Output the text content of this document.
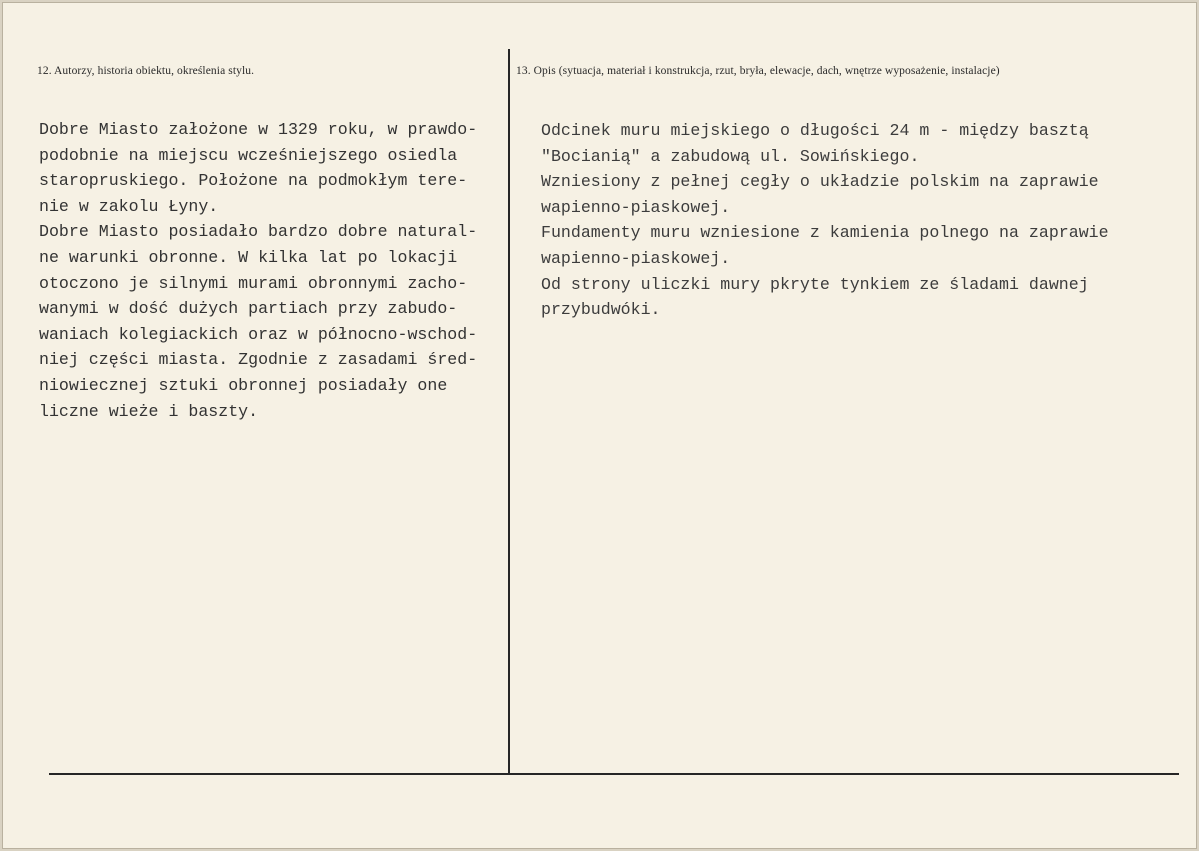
12. Autorzy, historia obiektu, określenia stylu.	13. Opis (sytuacja, materiał i konstrukcja, rzut, bryła, elewacje, dach, wnętrze wyposażenie, instalacje)
Dobre Miasto założone w 1329 roku, w prawdo-
podobnie na miejscu wcześniejszego osiedla
staropruskiego. Położone na podmokłym tere-
nie w zakolu Łyny.
Dobre Miasto posiadało bardzo dobre natural-
ne warunki obronne. W kilka lat po lokacji
otoczono je silnymi murami obronnymi zacho-
wanymi w dość dużych partiach przy zabudo-
waniach kolegiackich oraz w północno-wschod-
niej części miasta. Zgodnie z zasadami śred-
niowiecznej sztuki obronnej posiadały one
liczne wieże i baszty.
Odcinek muru miejskiego o długości 24 m - między basztą
"Bocianią" a zabudową ul. Sowińskiego.
Wzniesiony z pełnej cegły o układzie polskim na zaprawie
wapienno-piaskowej.
Fundamenty muru wzniesione z kamienia polnego na zaprawie
wapienno-piaskowej.
Od strony uliczki mury pkryte tynkiem ze śladami dawnej
przybudwóki.
